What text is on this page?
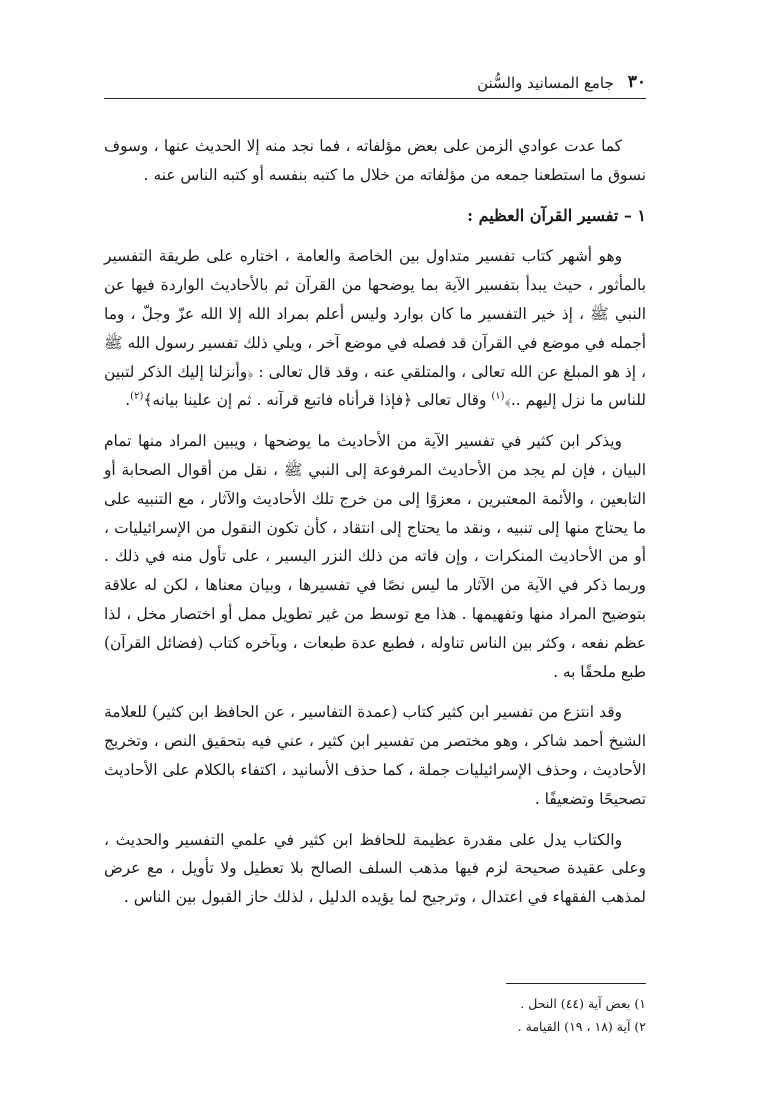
٣٠
جامع المسانيد والسُّنن

كما عدت عوادي الزمن على بعض مؤلفاته ، فما نجد منه إلا الحديث عنها ، وسوف نسوق ما استطعنا جمعه من مؤلفاته من خلال ما كتبه بنفسه أو كتبه الناس عنه .

١ – تفسير القرآن العظيم :

وهو أشهر كتاب تفسير متداول بين الخاصة والعامة ، اختاره على طريقة التفسير بالمأثور ، حيث يبدأ بتفسير الآية بما يوضحها من القرآن ثم بالأحاديث الواردة فيها عن النبي ﷺ ، إذ خير التفسير ما كان بوارد وليس أعلم بمراد الله إلا الله عزّ وجلّ ، وما أجمله في موضع في القرآن قد فصله في موضع آخر ، ويلي ذلك تفسير رسول الله ﷺ ، إذ هو المبلغ عن الله تعالى ، والمتلقي عنه ، وقد قال تعالى : ﴿وأنزلنا إليك الذكر لتبين للناس ما نزل إليهم ..﴾$^{(١)}$ وقال تعالى ﴿فإذا قرأناه فاتبع قرآنه . ثم إن علينا بيانه﴾$^{(٢)}$.

ويذكر ابن كثير في تفسير الآية من الأحاديث ما يوضحها ، ويبين المراد منها تمام البيان ، فإن لم يجد من الأحاديث المرفوعة إلى النبي ﷺ ، نقل من أقوال الصحابة أو التابعين ، والأئمة المعتبرين ، معزوًا إلى من خرج تلك الأحاديث والآثار ، مع التنبيه على ما يحتاج منها إلى تنبيه ، ونقد ما يحتاج إلى انتقاد ، كأن تكون النقول من الإسرائيليات ، أو من الأحاديث المنكرات ، وإن فاته من ذلك النزر اليسير ، على تأول منه في ذلك . وربما ذكر في الآية من الآثار ما ليس نصًا في تفسيرها ، وبيان معناها ، لكن له علاقة بتوضيح المراد منها وتفهيمها . هذا مع توسط من غير تطويل ممل أو اختصار مخل ، لذا عظم نفعه ، وكثر بين الناس تناوله ، فطبع عدة طبعات ، وبآخره كتاب (فضائل القرآن) طبع ملحقًا به .

وقد انتزع من تفسير ابن كثير كتاب (عمدة التفاسير ، عن الحافظ ابن كثير) للعلامة الشيخ أحمد شاكر ، وهو مختصر من تفسير ابن كثير ، عني فيه بتحقيق النص ، وتخريج الأحاديث ، وحذف الإسرائيليات جملة ، كما حذف الأسانيد ، اكتفاء بالكلام على الأحاديث تصحيحًا وتضعيفًا .

والكتاب يدل على مقدرة عظيمة للحافظ ابن كثير في علمي التفسير والحديث ، وعلى عقيدة صحيحة لزم فيها مذهب السلف الصالح بلا تعطيل ولا تأويل ، مع عرض لمذهب الفقهاء في اعتدال ، وترجيح لما يؤيده الدليل ، لذلك حاز القبول بين الناس .

١) بعض آية (٤٤) النحل .
٢) آية (١٨ ، ١٩) القيامة .
